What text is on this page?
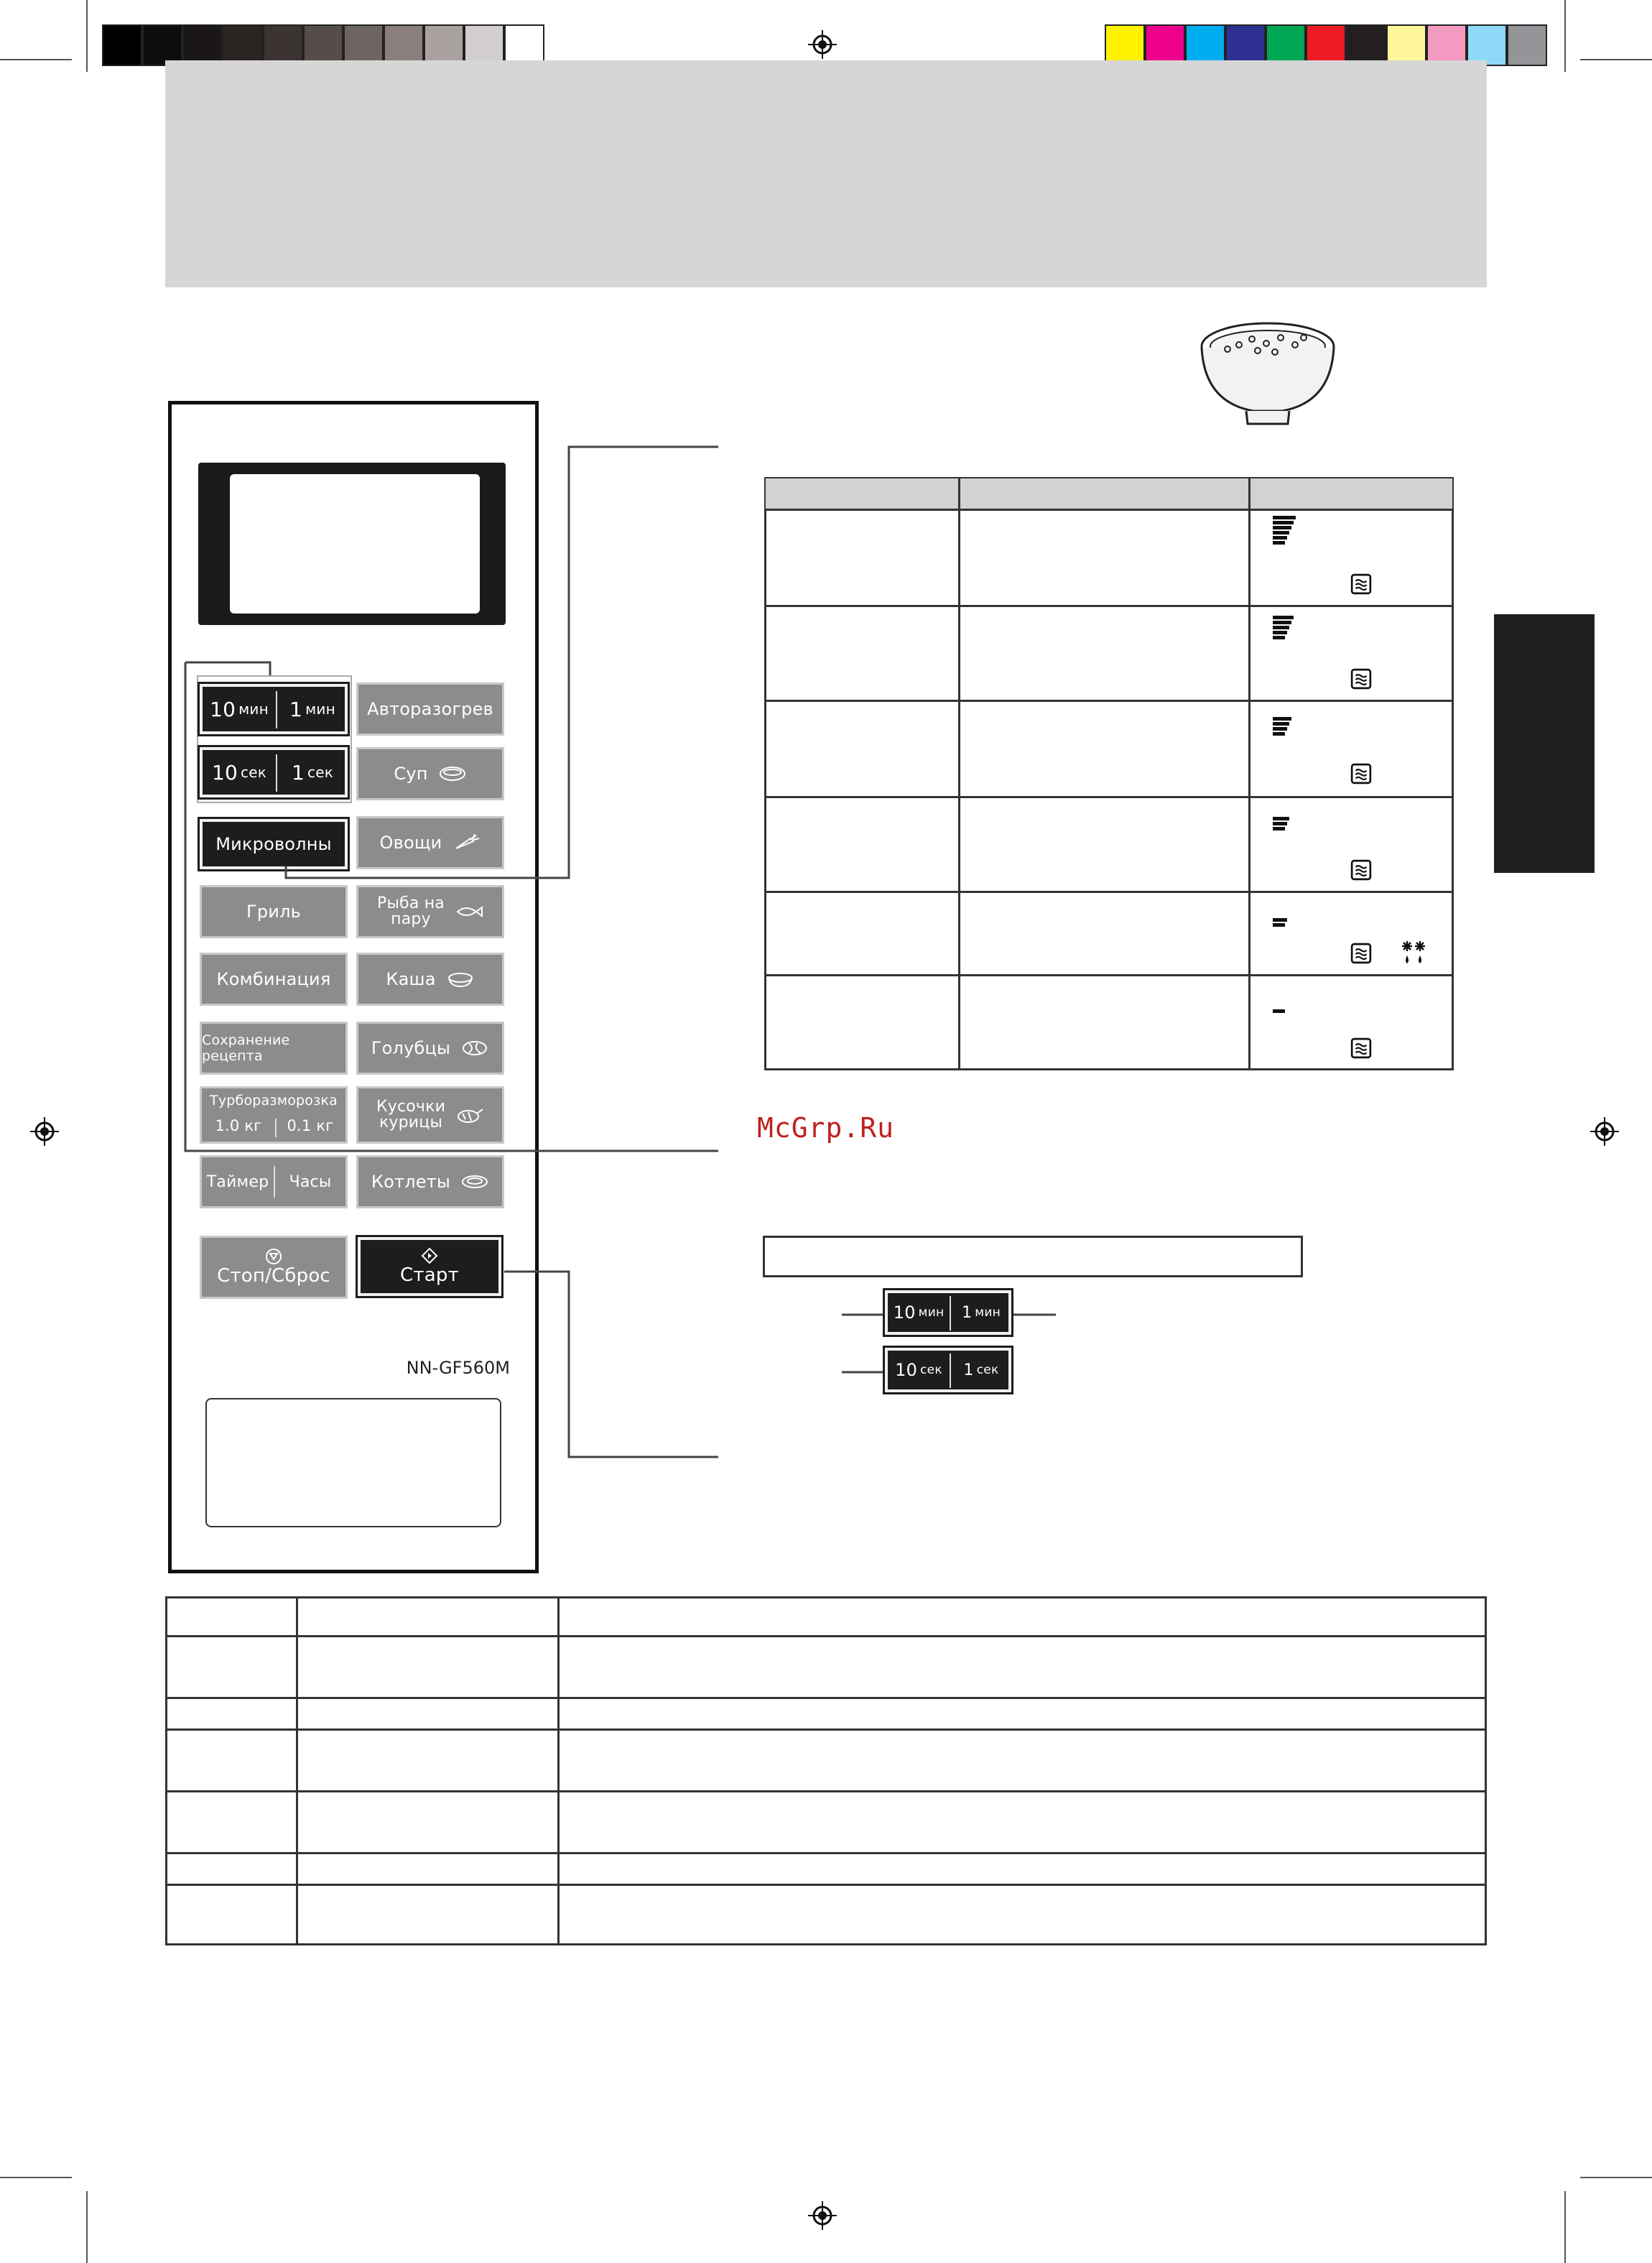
10 мин 1 мин
10 сек 1 сек
Авторазогрев
Суп
Микроволны	Овощи
Гриль	Рыба на
пару
Комбинация	Каша
Сохранение рецепта	Голубцы
Турборазморозка
1.0 кг	0.1 кг
Кусочки
курицы
Таймер	Часы	Котлеты
Стоп/Сброс	Старт
NN-GF560M
McGrp.Ru
10 мин 1 мин
10 сек 1 сек
